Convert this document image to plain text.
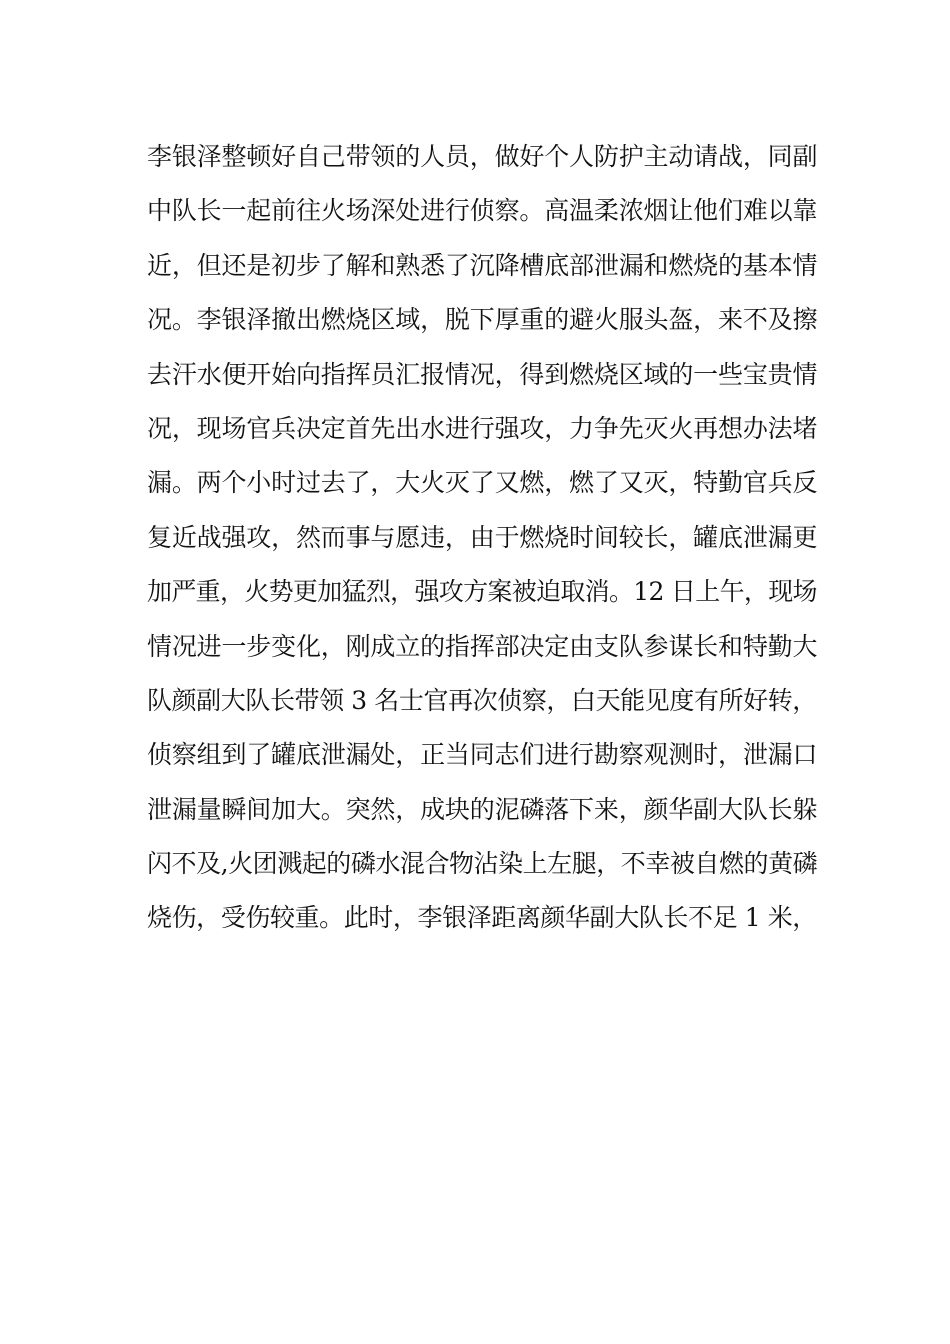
李银泽整顿好自己带领的人员，做好个人防护主动请战，同副
中队长一起前往火场深处进行侦察。高温柔浓烟让他们难以靠
近，但还是初步了解和熟悉了沉降槽底部泄漏和燃烧的基本情
况。李银泽撤出燃烧区域，脱下厚重的避火服头盔，来不及擦
去汗水便开始向指挥员汇报情况，得到燃烧区域的一些宝贵情
况，现场官兵决定首先出水进行强攻，力争先灭火再想办法堵
漏。两个小时过去了，大火灭了又燃，燃了又灭，特勤官兵反
复近战强攻，然而事与愿违，由于燃烧时间较长，罐底泄漏更
加严重，火势更加猛烈，强攻方案被迫取消。12 日上午，现场
情况进一步变化，刚成立的指挥部决定由支队参谋长和特勤大
队颜副大队长带领 3 名士官再次侦察，白天能见度有所好转，
侦察组到了罐底泄漏处，正当同志们进行勘察观测时，泄漏口
泄漏量瞬间加大。突然，成块的泥磷落下来，颜华副大队长躲
闪不及,火团溅起的磷水混合物沾染上左腿，不幸被自燃的黄磷
烧伤，受伤较重。此时，李银泽距离颜华副大队长不足 1 米，
